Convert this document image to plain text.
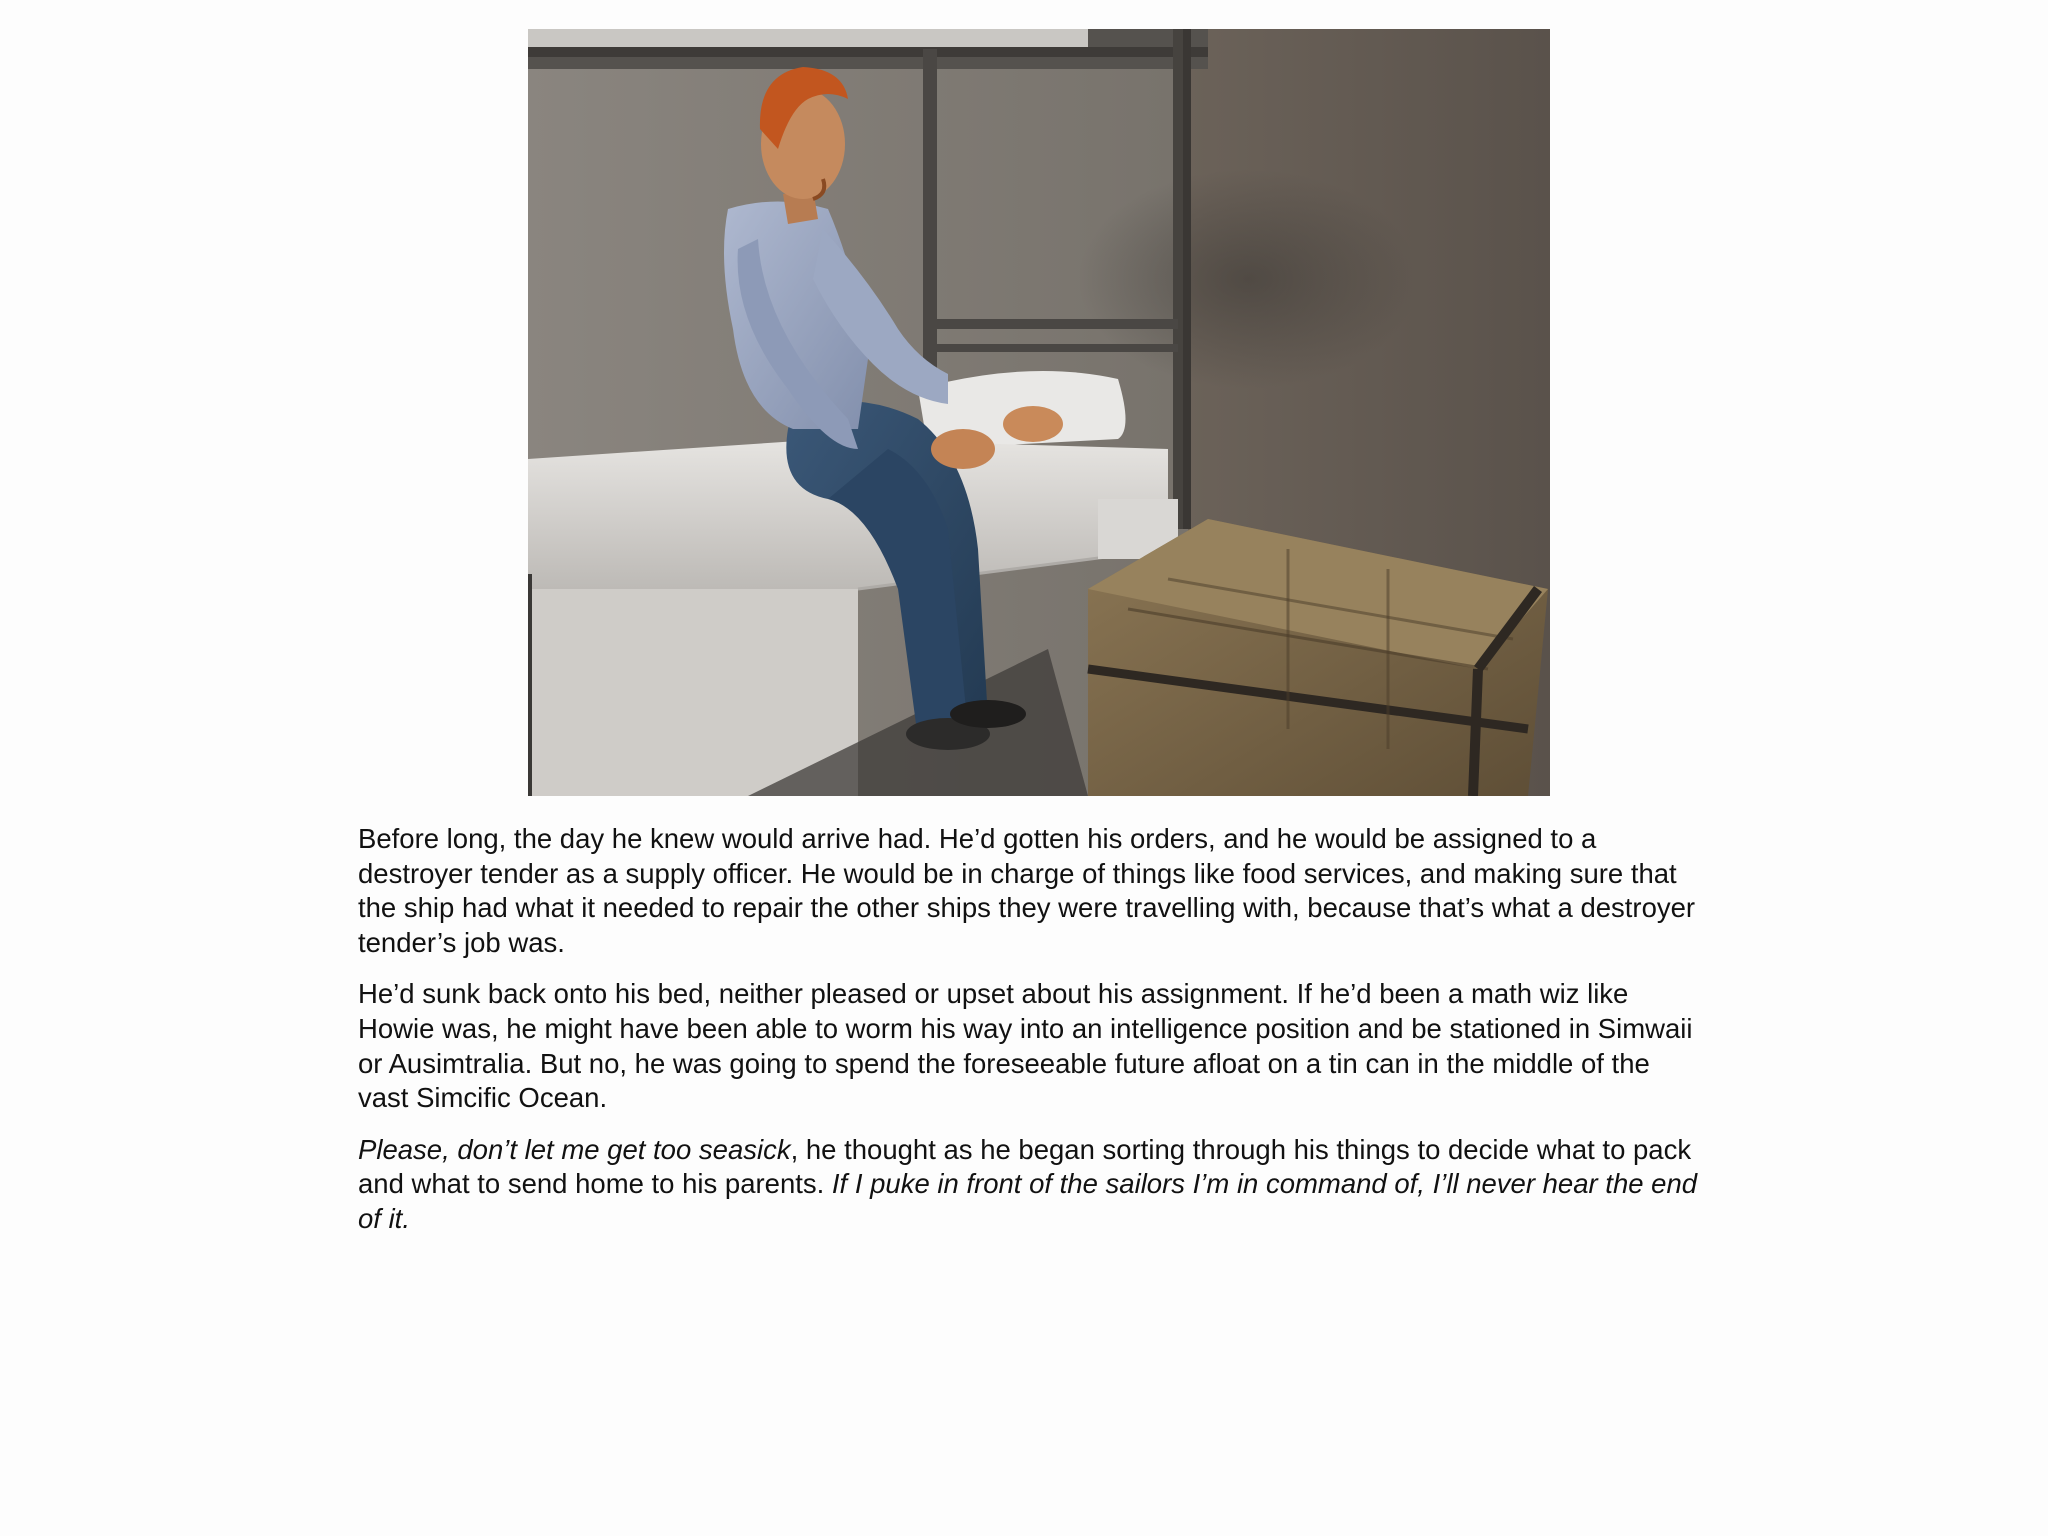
Before long, the day he knew would arrive had. He’d gotten his orders, and he would be assigned to a destroyer tender as a supply officer. He would be in charge of things like food services, and making sure that the ship had what it needed to repair the other ships they were travelling with, because that’s what a destroyer tender’s job was.

He’d sunk back onto his bed, neither pleased or upset about his assignment. If he’d been a math wiz like Howie was, he might have been able to worm his way into an intelligence position and be stationed in Simwaii or Ausimtralia. But no, he was going to spend the foreseeable future afloat on a tin can in the middle of the vast Simcific Ocean.

Please, don’t let me get too seasick, he thought as he began sorting through his things to decide what to pack and what to send home to his parents. If I puke in front of the sailors I’m in command of, I’ll never hear the end of it.
